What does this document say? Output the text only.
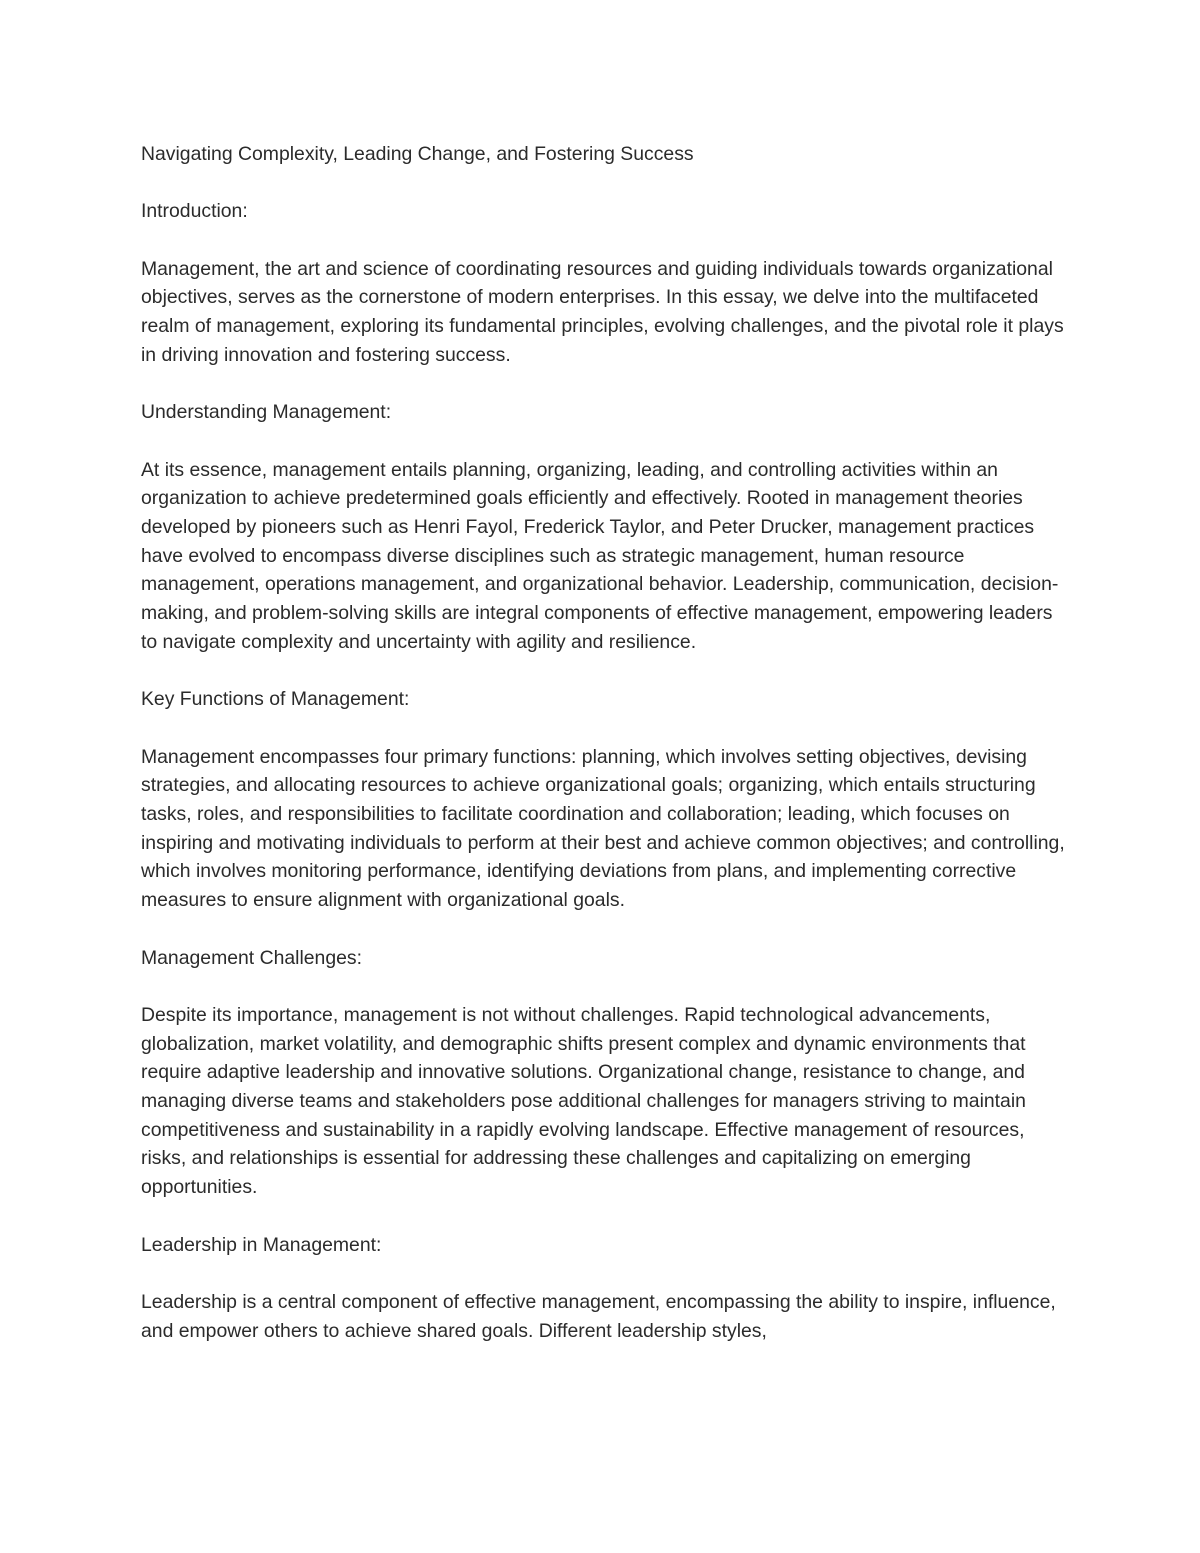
Navigating Complexity, Leading Change, and Fostering Success

Introduction:

Management, the art and science of coordinating resources and guiding individuals towards organizational objectives, serves as the cornerstone of modern enterprises. In this essay, we delve into the multifaceted realm of management, exploring its fundamental principles, evolving challenges, and the pivotal role it plays in driving innovation and fostering success.

Understanding Management:

At its essence, management entails planning, organizing, leading, and controlling activities within an organization to achieve predetermined goals efficiently and effectively. Rooted in management theories developed by pioneers such as Henri Fayol, Frederick Taylor, and Peter Drucker, management practices have evolved to encompass diverse disciplines such as strategic management, human resource management, operations management, and organizational behavior. Leadership, communication, decision-making, and problem-solving skills are integral components of effective management, empowering leaders to navigate complexity and uncertainty with agility and resilience.

Key Functions of Management:

Management encompasses four primary functions: planning, which involves setting objectives, devising strategies, and allocating resources to achieve organizational goals; organizing, which entails structuring tasks, roles, and responsibilities to facilitate coordination and collaboration; leading, which focuses on inspiring and motivating individuals to perform at their best and achieve common objectives; and controlling, which involves monitoring performance, identifying deviations from plans, and implementing corrective measures to ensure alignment with organizational goals.

Management Challenges:

Despite its importance, management is not without challenges. Rapid technological advancements, globalization, market volatility, and demographic shifts present complex and dynamic environments that require adaptive leadership and innovative solutions. Organizational change, resistance to change, and managing diverse teams and stakeholders pose additional challenges for managers striving to maintain competitiveness and sustainability in a rapidly evolving landscape. Effective management of resources, risks, and relationships is essential for addressing these challenges and capitalizing on emerging opportunities.

Leadership in Management:

Leadership is a central component of effective management, encompassing the ability to inspire, influence, and empower others to achieve shared goals. Different leadership styles,
